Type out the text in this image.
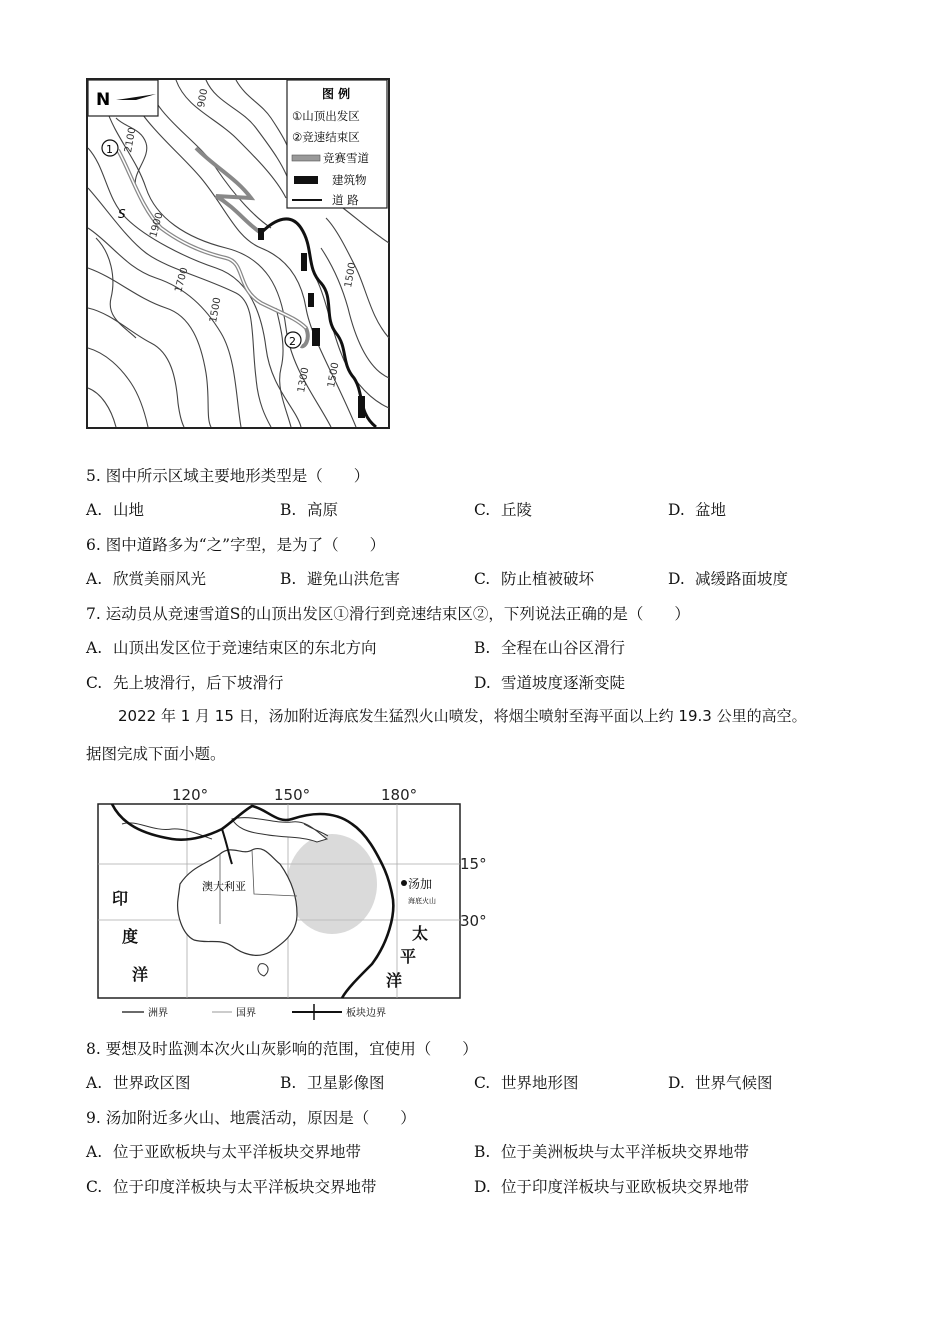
N	图 例
①山顶出发区
②竞速结束区
竞赛雪道
建筑物
道 路
1
2
S
2100
1900
1700
1500
1500
1300 1500
900
5. 图中所示区域主要地形类型是（　　）
A. 山地	B. 高原	C. 丘陵	D. 盆地
6. 图中道路多为“之”字型，是为了（　　）
A. 欣赏美丽风光	B. 避免山洪危害	C. 防止植被破坏	D. 减缓路面坡度
7. 运动员从竞速雪道S的山顶出发区①滑行到竞速结束区②，下列说法正确的是（　　）
A. 山顶出发区位于竞速结束区的东北方向	B. 全程在山谷区滑行
C. 先上坡滑行，后下坡滑行	D. 雪道坡度逐渐变陡
2022 年 1 月 15 日，汤加附近海底发生猛烈火山喷发，将烟尘喷射至海平面以上约 19.3 公里的高空。
据图完成下面小题。
120°	150°	180°
15°
30°
汤加
海底火山
澳大利亚
印
度
洋
太
平
洋
洲界	国界	板块边界
8. 要想及时监测本次火山灰影响的范围，宜使用（　　）
A. 世界政区图	B. 卫星影像图	C. 世界地形图	D. 世界气候图
9. 汤加附近多火山、地震活动，原因是（　　）
A. 位于亚欧板块与太平洋板块交界地带	B. 位于美洲板块与太平洋板块交界地带
C. 位于印度洋板块与太平洋板块交界地带	D. 位于印度洋板块与亚欧板块交界地带
